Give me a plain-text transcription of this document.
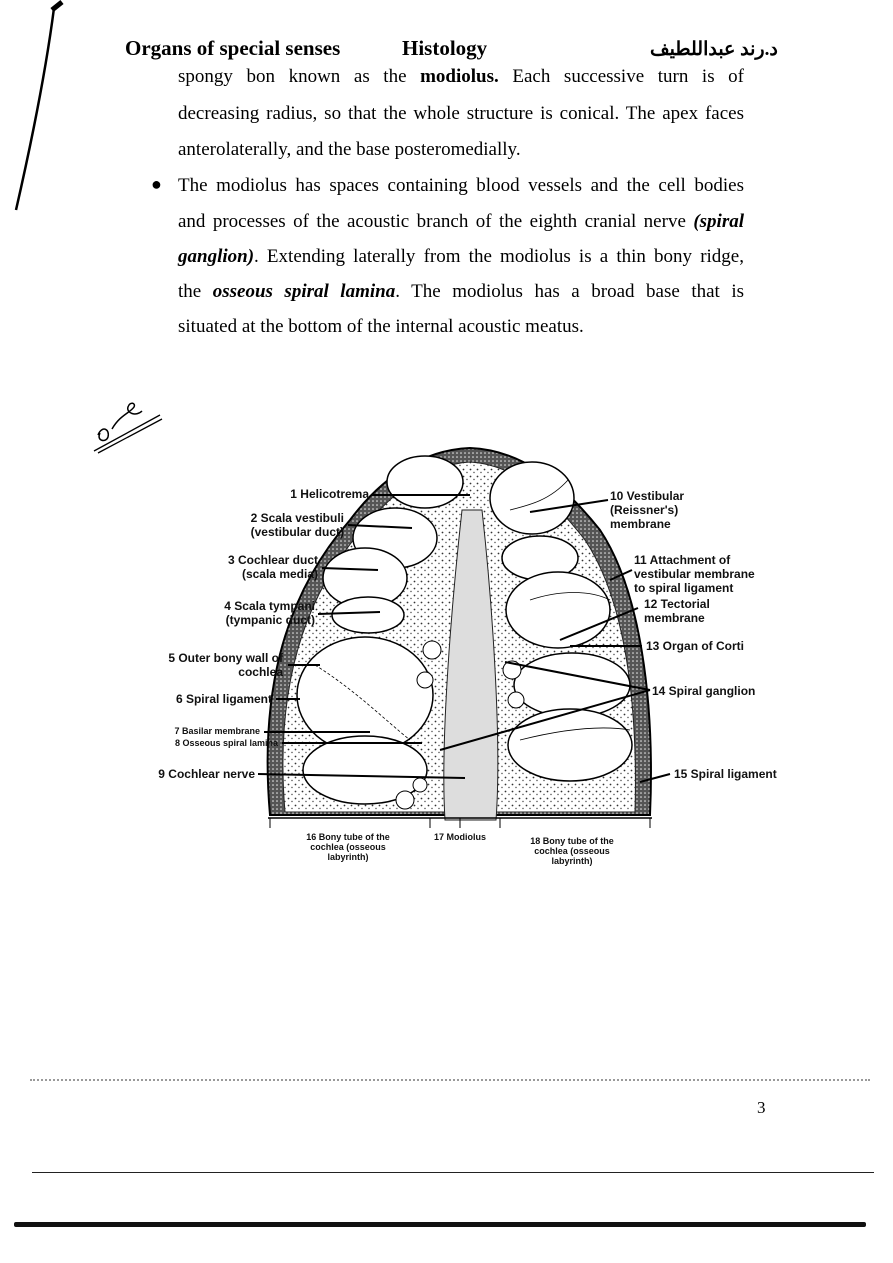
Organs of special senses	Histology	د.رند عبداللطيف
spongy bon known as the modiolus. Each successive turn is of
decreasing radius, so that the whole structure is conical. The apex faces
anterolaterally, and the base posteromedially.
● The modiolus has spaces containing blood vessels and the cell bodies
and processes of the acoustic branch of the eighth cranial nerve (spiral
ganglion). Extending laterally from the modiolus is a thin bony ridge,
the osseous spiral lamina. The modiolus has a broad base that is
situated at the bottom of the internal acoustic meatus.
1 Helicotrema
2 Scala vestibuli
(vestibular duct)
3 Cochlear duct
(scala media)
4 Scala tympani
(tympanic duct)
5 Outer bony wall of
cochlea
6 Spiral ligament
7 Basilar membrane
8 Osseous spiral lamina
9 Cochlear nerve
10 Vestibular
(Reissner's)
membrane
11 Attachment of
vestibular membrane
to spiral ligament
12 Tectorial
membrane
13 Organ of Corti
14 Spiral ganglion
15 Spiral ligament
16 Bony tube of the
cochlea (osseous
labyrinth)
17 Modiolus	18 Bony tube of the
cochlea (osseous
labyrinth)
3
